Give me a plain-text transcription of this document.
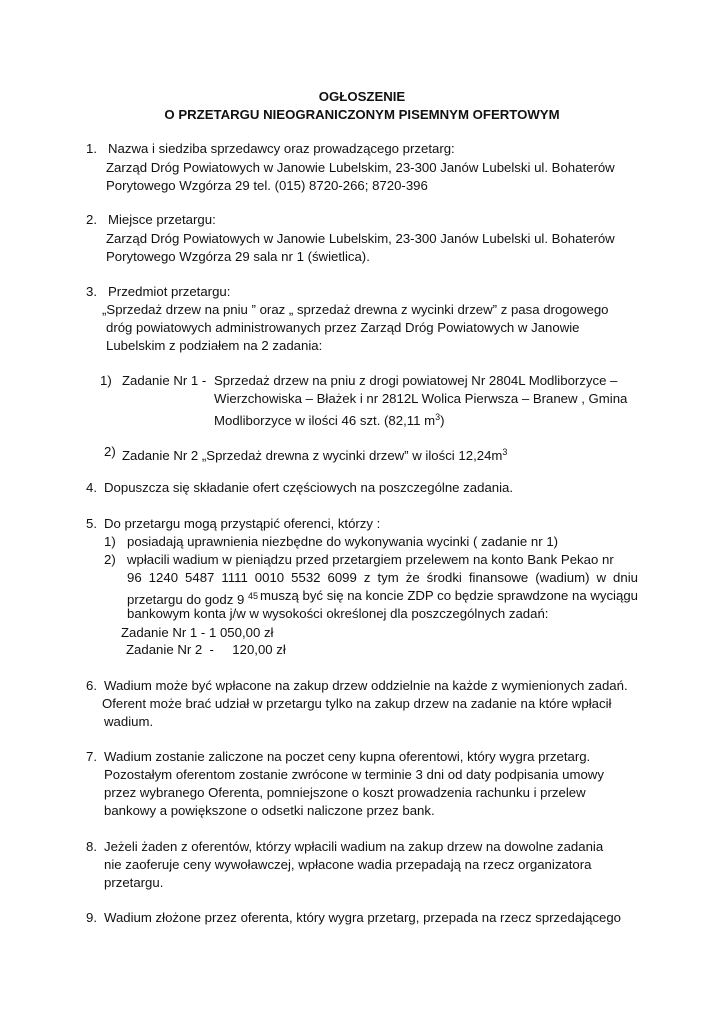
OGŁOSZENIE
O PRZETARGU NIEOGRANICZONYM PISEMNYM OFERTOWYM
1. Nazwa i siedziba sprzedawcy oraz prowadzącego przetarg:
Zarząd Dróg Powiatowych w Janowie Lubelskim, 23-300 Janów Lubelski ul. Bohaterów
Porytowego Wzgórza 29 tel. (015) 8720-266; 8720-396
2. Miejsce przetargu:
Zarząd Dróg Powiatowych w Janowie Lubelskim, 23-300 Janów Lubelski ul. Bohaterów
Porytowego Wzgórza 29 sala nr 1 (świetlica).
3. Przedmiot przetargu:
„Sprzedaż drzew na pniu ” oraz „ sprzedaż drewna z wycinki drzew” z pasa drogowego
dróg powiatowych administrowanych przez Zarząd Dróg Powiatowych w Janowie
Lubelskim z podziałem na 2 zadania:
1) Zadanie Nr 1 - Sprzedaż drzew na pniu z drogi powiatowej Nr 2804L Modliborzyce –
Wierzchowiska – Błażek i nr 2812L Wolica Pierwsza – Branew , Gmina
Modliborzyce w ilości 46 szt. (82,11 $m^3$)
2) Zadanie Nr 2 „Sprzedaż drewna z wycinki drzew” w ilości $12,24m^3$
4. Dopuszcza się składanie ofert częściowych na poszczególne zadania.
5. Do przetargu mogą przystąpić oferenci, którzy :
1) posiadają uprawnienia niezbędne do wykonywania wycinki ( zadanie nr 1)
2) wpłacili wadium w pieniądzu przed przetargiem przelewem na konto Bank Pekao nr
96 1240 5487 1111 0010 5532 6099 z tym że środki finansowe (wadium) w dniu
przetargu do godz 9 $^{45}$ muszą być się na koncie ZDP co będzie sprawdzone na wyciągu
bankowym konta j/w w wysokości określonej dla poszczególnych zadań:
Zadanie Nr 1 - 1 050,00 zł
Zadanie Nr 2  -     120,00 zł
6. Wadium może być wpłacone na zakup drzew oddzielnie na każde z wymienionych zadań.
Oferent może brać udział w przetargu tylko na zakup drzew na zadanie na które wpłacił
wadium.
7. Wadium zostanie zaliczone na poczet ceny kupna oferentowi, który wygra przetarg.
Pozostałym oferentom zostanie zwrócone w terminie 3 dni od daty podpisania umowy
przez wybranego Oferenta, pomniejszone o koszt prowadzenia rachunku i przelew
bankowy a powiększone o odsetki naliczone przez bank.
8. Jeżeli żaden z oferentów, którzy wpłacili wadium na zakup drzew na dowolne zadania
nie zaoferuje ceny wywoławczej, wpłacone wadia przepadają na rzecz organizatora
przetargu.
9. Wadium złożone przez oferenta, który wygra przetarg, przepada na rzecz sprzedającego
